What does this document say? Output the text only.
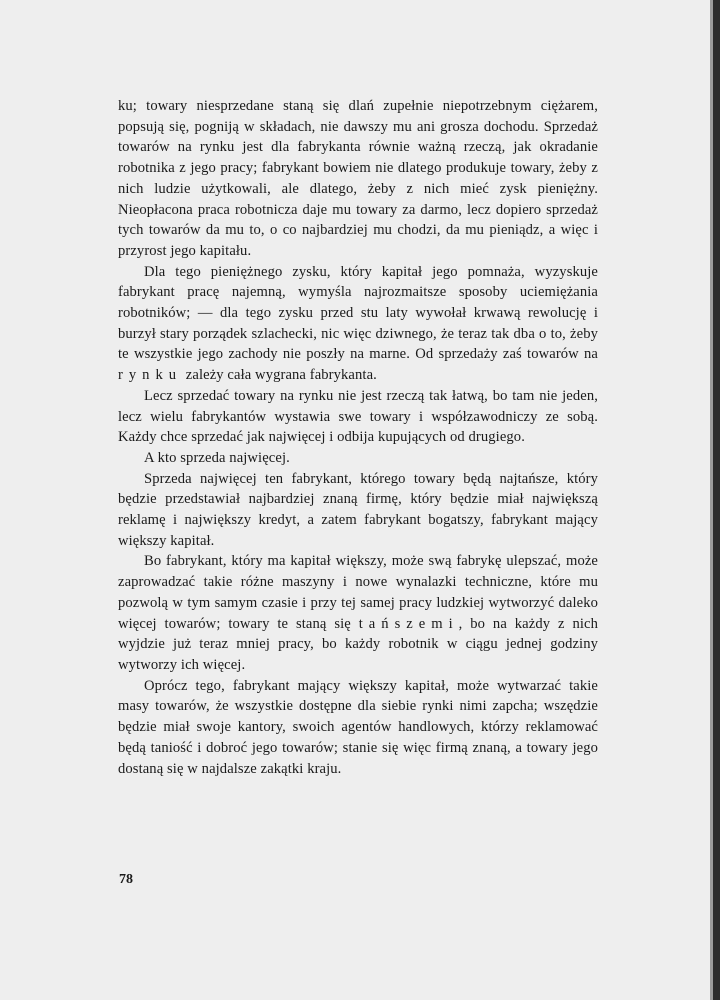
ku; towary niesprzedane staną się dlań zupełnie niepotrzebnym ciężarem, popsują się, pogniją w składach, nie dawszy mu ani grosza dochodu. Sprzedaż towarów na rynku jest dla fabrykanta równie ważną rzeczą, jak okradanie robotnika z jego pracy; fabrykant bowiem nie dlatego produkuje towary, żeby z nich ludzie użytkowali, ale dlatego, żeby z nich mieć zysk pieniężny. Nieopłacona praca robotnicza daje mu towary za darmo, lecz dopiero sprzedaż tych towarów da mu to, o co najbardziej mu chodzi, da mu pieniądz, a więc i przyrost jego kapitału.

Dla tego pieniężnego zysku, który kapitał jego pomnaża, wyzyskuje fabrykant pracę najemną, wymyśla najrozmaitsze sposoby uciemiężania robotników; — dla tego zysku przed stu laty wywołał krwawą rewolucję i burzył stary porządek szlachecki, nic więc dziwnego, że teraz tak dba o to, żeby te wszystkie jego zachody nie poszły na marne. Od sprzedaży zaś towarów na rynku zależy cała wygrana fabrykanta.

Lecz sprzedać towary na rynku nie jest rzeczą tak łatwą, bo tam nie jeden, lecz wielu fabrykantów wystawia swe towary i współzawodniczy ze sobą. Każdy chce sprzedać jak najwięcej i odbija kupujących od drugiego.

A kto sprzeda najwięcej.

Sprzeda najwięcej ten fabrykant, którego towary będą najtańsze, który będzie przedstawiał najbardziej znaną firmę, który będzie miał największą reklamę i największy kredyt, a zatem fabrykant bogatszy, fabrykant mający większy kapitał.

Bo fabrykant, który ma kapitał większy, może swą fabrykę ulepszać, może zaprowadzać takie różne maszyny i nowe wynalazki techniczne, które mu pozwolą w tym samym czasie i przy tej samej pracy ludzkiej wytworzyć daleko więcej towarów; towary te staną się tańszemi, bo na każdy z nich wyjdzie już teraz mniej pracy, bo każdy robotnik w ciągu jednej godziny wytworzy ich więcej.

Oprócz tego, fabrykant mający większy kapitał, może wytwarzać takie masy towarów, że wszystkie dostępne dla siebie rynki nimi zapcha; wszędzie będzie miał swoje kantory, swoich agentów handlowych, którzy reklamować będą taniość i dobroć jego towarów; stanie się więc firmą znaną, a towary jego dostaną się w najdalsze zakątki kraju.

78
